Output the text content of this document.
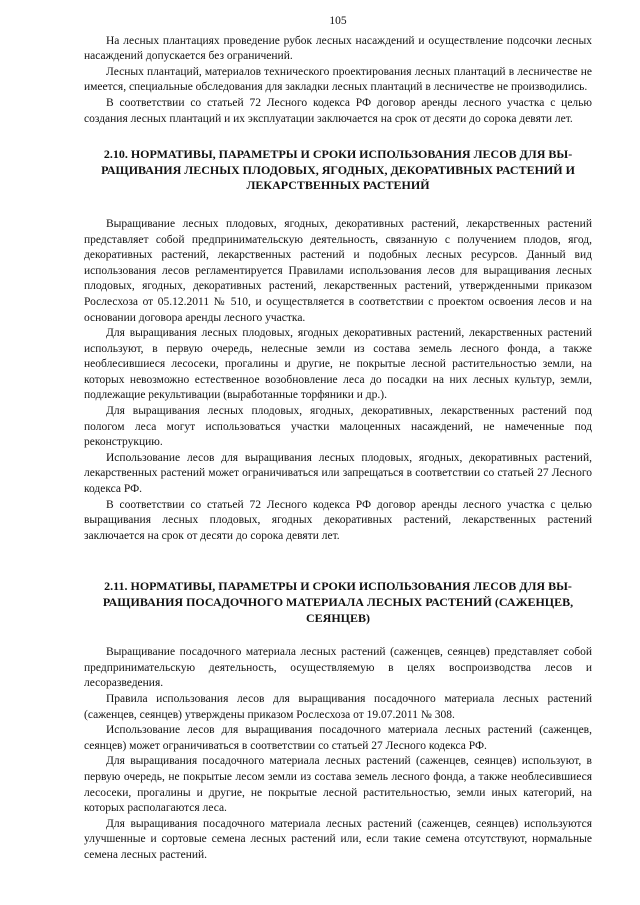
105

На лесных плантациях проведение рубок лесных насаждений и осуществление подсочки лесных насаждений допускается без ограничений.

Лесных плантаций, материалов технического проектирования лесных плантаций в лесничестве не имеется, специальные обследования для закладки лесных плантаций в лесничестве не производились.

В соответствии со статьей 72 Лесного кодекса РФ договор аренды лесного участка с целью создания лесных плантаций и их эксплуатации заключается на срок от десяти до сорока девяти лет.

2.10. НОРМАТИВЫ, ПАРАМЕТРЫ И СРОКИ ИСПОЛЬЗОВАНИЯ ЛЕСОВ ДЛЯ ВЫРАЩИВАНИЯ ЛЕСНЫХ ПЛОДОВЫХ, ЯГОДНЫХ, ДЕКОРАТИВНЫХ РАСТЕНИЙ И ЛЕКАРСТВЕННЫХ РАСТЕНИЙ

Выращивание лесных плодовых, ягодных, декоративных растений, лекарственных растений представляет собой предпринимательскую деятельность, связанную с получением плодов, ягод, декоративных растений, лекарственных растений и подобных лесных ресурсов. Данный вид использования лесов регламентируется Правилами использования лесов для выращивания лесных плодовых, ягодных, декоративных растений, лекарственных растений, утвержденными приказом Рослесхоза от 05.12.2011 № 510, и осуществляется в соответствии с проектом освоения лесов и на основании договора аренды лесного участка.

Для выращивания лесных плодовых, ягодных декоративных растений, лекарственных растений используют, в первую очередь, нелесные земли из состава земель лесного фонда, а также необлесившиеся лесосеки, прогалины и другие, не покрытые лесной растительностью земли, на которых невозможно естественное возобновление леса до посадки на них лесных культур, земли, подлежащие рекультивации (выработанные торфяники и др.).

Для выращивания лесных плодовых, ягодных, декоративных, лекарственных растений под пологом леса могут использоваться участки малоценных насаждений, не намеченные под реконструкцию.

Использование лесов для выращивания лесных плодовых, ягодных, декоративных растений, лекарственных растений может ограничиваться или запрещаться в соответствии со статьей 27 Лесного кодекса РФ.

В соответствии со статьей 72 Лесного кодекса РФ договор аренды лесного участка с целью выращивания лесных плодовых, ягодных декоративных растений, лекарственных растений заключается на срок от десяти до сорока девяти лет.

2.11. НОРМАТИВЫ, ПАРАМЕТРЫ И СРОКИ ИСПОЛЬЗОВАНИЯ ЛЕСОВ ДЛЯ ВЫРАЩИВАНИЯ ПОСАДОЧНОГО МАТЕРИАЛА ЛЕСНЫХ РАСТЕНИЙ (САЖЕНЦЕВ, СЕЯНЦЕВ)

Выращивание посадочного материала лесных растений (саженцев, сеянцев) представляет собой предпринимательскую деятельность, осуществляемую в целях воспроизводства лесов и лесоразведения.

Правила использования лесов для выращивания посадочного материала лесных растений (саженцев, сеянцев) утверждены приказом Рослесхоза от 19.07.2011 № 308.

Использование лесов для выращивания посадочного материала лесных растений (саженцев, сеянцев) может ограничиваться в соответствии со статьей 27 Лесного кодекса РФ.

Для выращивания посадочного материала лесных растений (саженцев, сеянцев) используют, в первую очередь, не покрытые лесом земли из состава земель лесного фонда, а также необлесившиеся лесосеки, прогалины и другие, не покрытые лесной растительностью, земли иных категорий, на которых располагаются леса.

Для выращивания посадочного материала лесных растений (саженцев, сеянцев) используются улучшенные и сортовые семена лесных растений или, если такие семена отсутствуют, нормальные семена лесных растений.
